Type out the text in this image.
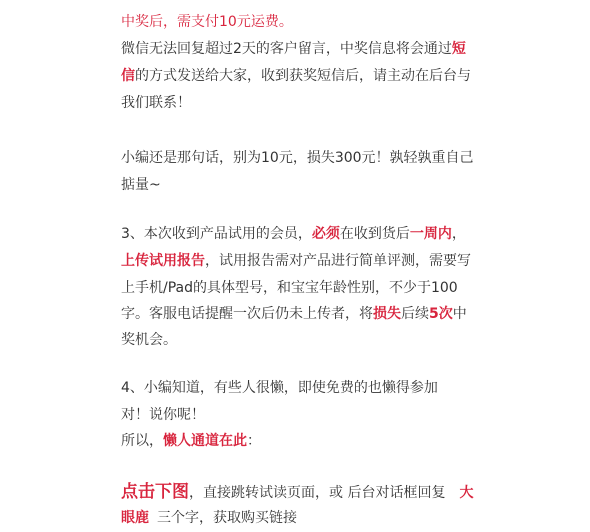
中奖后，需支付10元运费。
微信无法回复超过2天的客户留言，中奖信息将会通过短
信的方式发送给大家，收到获奖短信后，请主动在后台与
我们联系！
小编还是那句话，别为10元，损失300元！孰轻孰重自己
掂量~
3、本次收到产品试用的会员，必须在收到货后一周内，
上传试用报告，试用报告需对产品进行简单评测，需要写
上手机/Pad的具体型号，和宝宝年龄性别，不少于100
字。客服电话提醒一次后仍未上传者，将损失后续5次中
奖机会。
4、小编知道，有些人很懒，即使免费的也懒得参加
对！说你呢！
所以，懒人通道在此：
点击下图，直接跳转试读页面，或 后台对话框回复 大
眼鹿 三个字，获取购买链接
